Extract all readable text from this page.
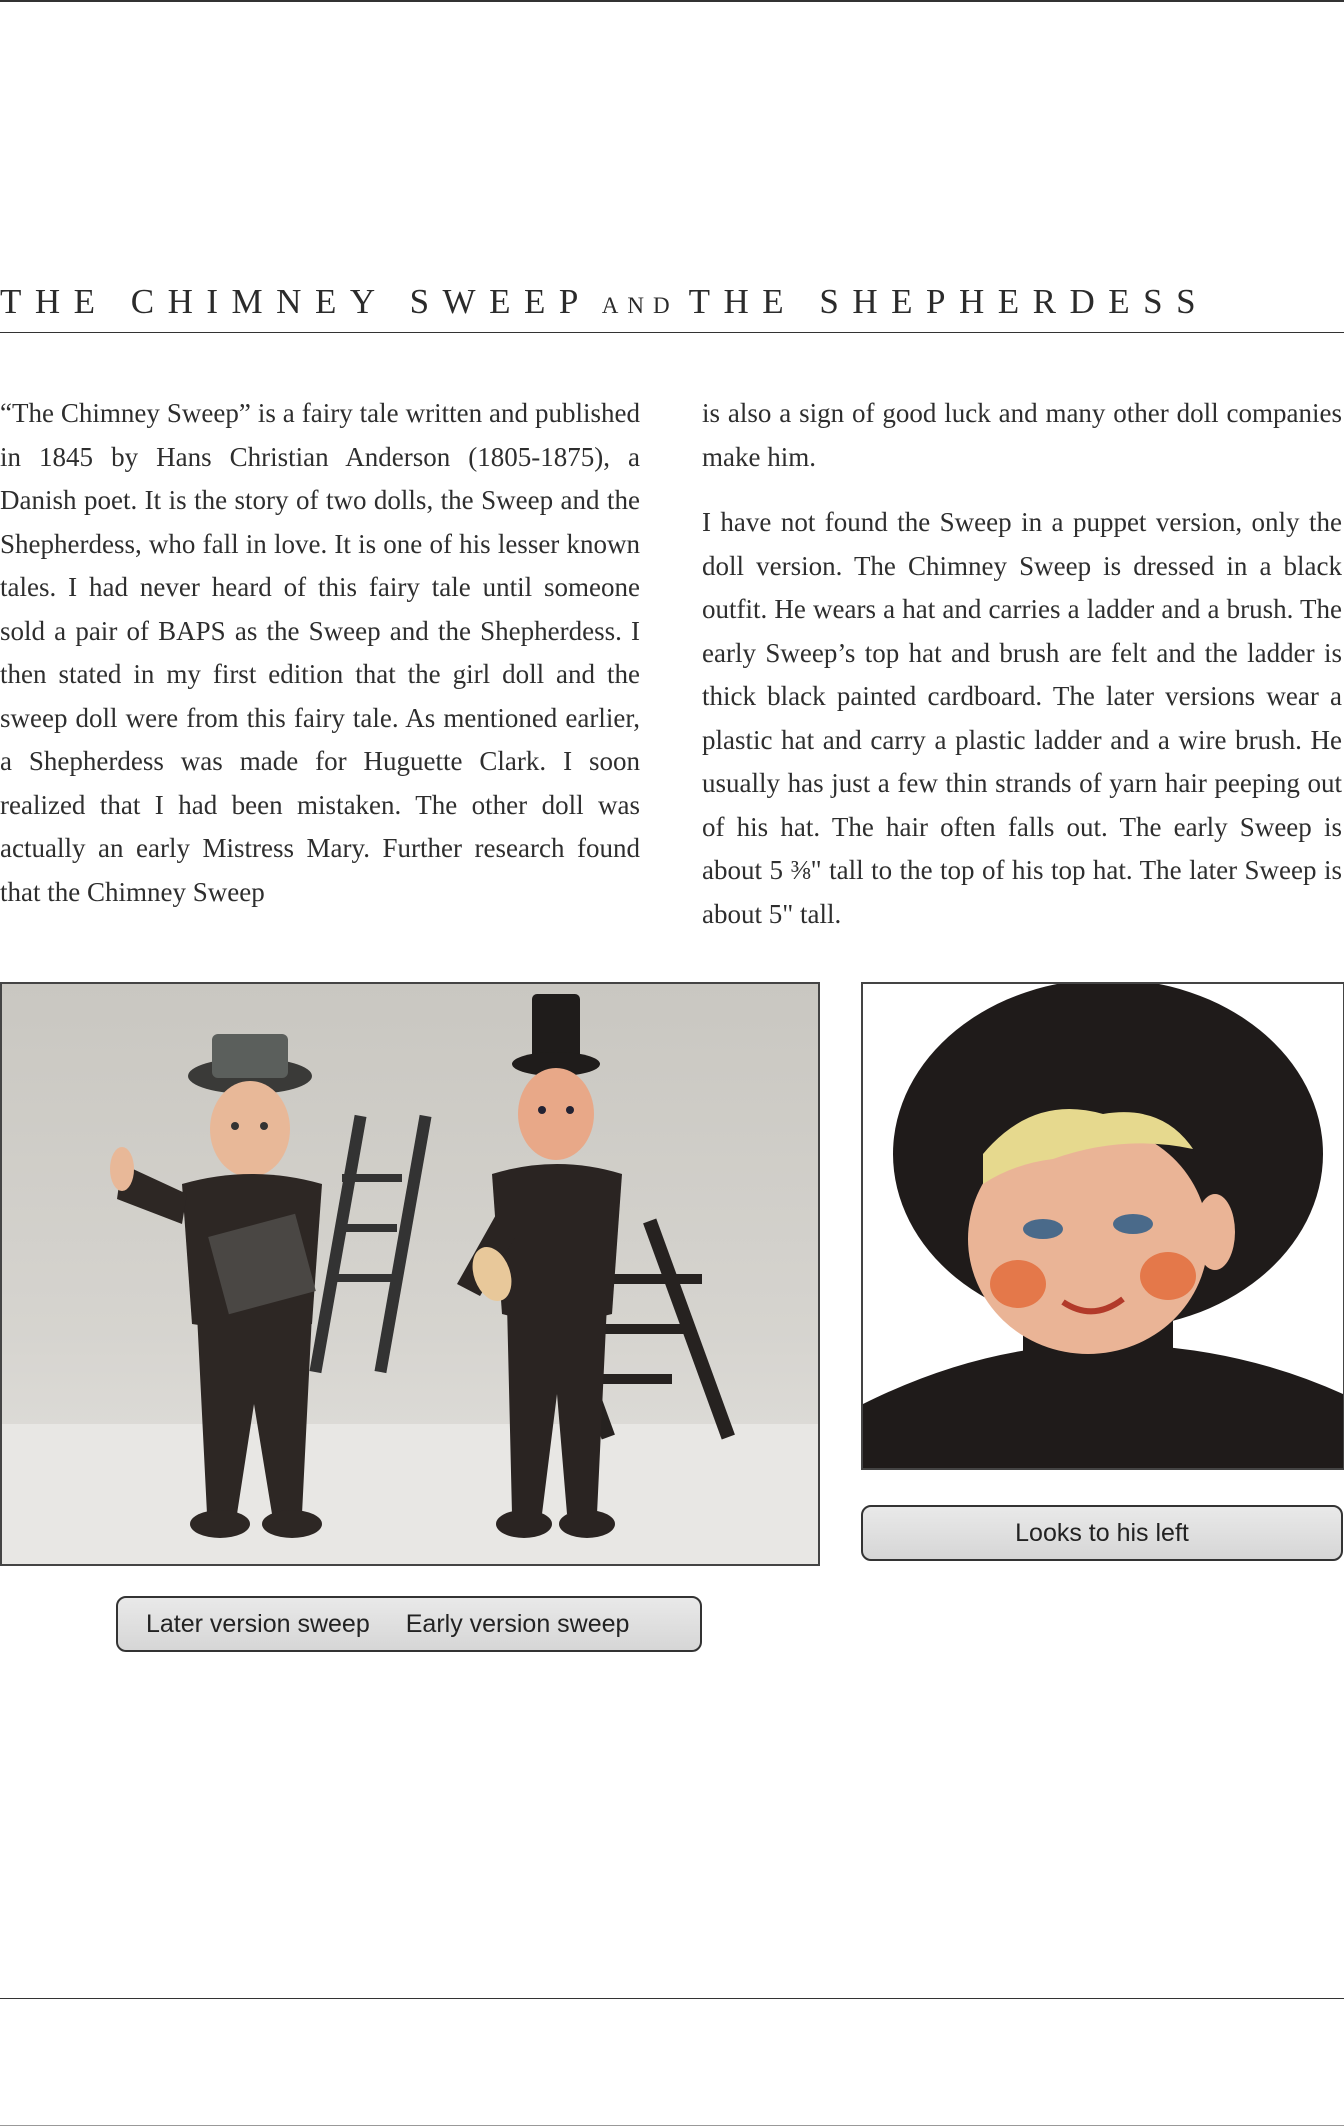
THE CHIMNEY SWEEP AND THE SHEPHERDESS

“The Chimney Sweep” is a fairy tale written and published in 1845 by Hans Christian Anderson (1805-1875), a Danish poet. It is the story of two dolls, the Sweep and the Shepherdess, who fall in love. It is one of his lesser known tales. I had never heard of this fairy tale until someone sold a pair of BAPS as the Sweep and the Shepherdess. I then stated in my first edition that the girl doll and the sweep doll were from this fairy tale. As mentioned earlier, a Shepherdess was made for Huguette Clark. I soon realized that I had been mistaken. The other doll was actually an early Mistress Mary. Further research found that the Chimney Sweep

is also a sign of good luck and many other doll companies make him.

I have not found the Sweep in a puppet version, only the doll version. The Chimney Sweep is dressed in a black outfit. He wears a hat and carries a ladder and a brush. The early Sweep’s top hat and brush are felt and the ladder is thick black painted cardboard. The later versions wear a plastic hat and carry a plastic ladder and a wire brush. He usually has just a few thin strands of yarn hair peeping out of his hat. The hair often falls out. The early Sweep is about 5 ⅜" tall to the top of his top hat. The later Sweep is about 5" tall.

Looks to his left
Later version sweep Early version sweep
